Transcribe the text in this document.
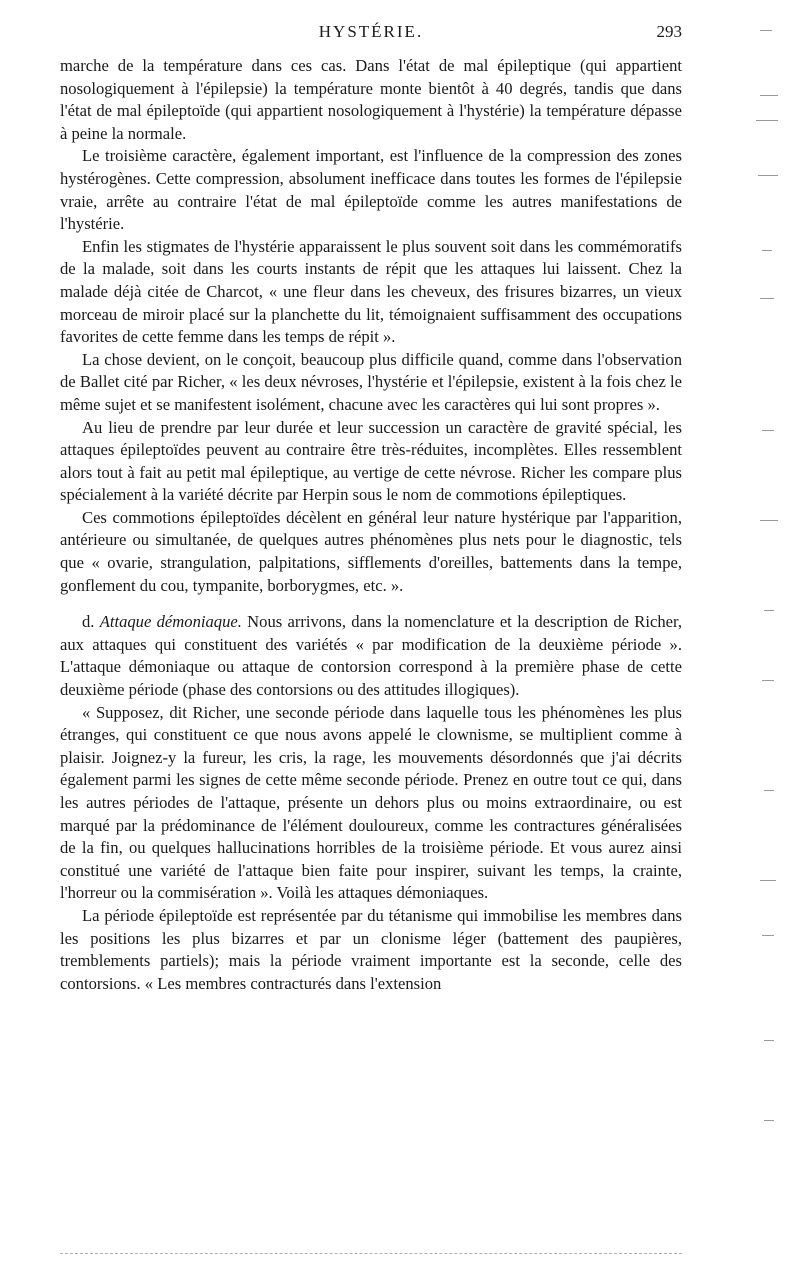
HYSTÉRIE.	293

marche de la température dans ces cas. Dans l'état de mal épileptique (qui appartient nosologiquement à l'épilepsie) la température monte bientôt à 40 degrés, tandis que dans l'état de mal épileptoïde (qui appartient nosologiquement à l'hystérie) la température dépasse à peine la normale.

Le troisième caractère, également important, est l'influence de la compression des zones hystérogènes. Cette compression, absolument inefficace dans toutes les formes de l'épilepsie vraie, arrête au contraire l'état de mal épileptoïde comme les autres manifestations de l'hystérie.

Enfin les stigmates de l'hystérie apparaissent le plus souvent soit dans les commémoratifs de la malade, soit dans les courts instants de répit que les attaques lui laissent. Chez la malade déjà citée de Charcot, « une fleur dans les cheveux, des frisures bizarres, un vieux morceau de miroir placé sur la planchette du lit, témoignaient suffisamment des occupations favorites de cette femme dans les temps de répit ».

La chose devient, on le conçoit, beaucoup plus difficile quand, comme dans l'observation de Ballet cité par Richer, « les deux névroses, l'hystérie et l'épilepsie, existent à la fois chez le même sujet et se manifestent isolément, chacune avec les caractères qui lui sont propres ».

Au lieu de prendre par leur durée et leur succession un caractère de gravité spécial, les attaques épileptoïdes peuvent au contraire être très-réduites, incomplètes. Elles ressemblent alors tout à fait au petit mal épileptique, au vertige de cette névrose. Richer les compare plus spécialement à la variété décrite par Herpin sous le nom de commotions épileptiques.

Ces commotions épileptoïdes décèlent en général leur nature hystérique par l'apparition, antérieure ou simultanée, de quelques autres phénomènes plus nets pour le diagnostic, tels que « ovarie, strangulation, palpitations, sifflements d'oreilles, battements dans la tempe, gonflement du cou, tympanite, borborygmes, etc. ».

d. Attaque démoniaque. Nous arrivons, dans la nomenclature et la description de Richer, aux attaques qui constituent des variétés « par modification de la deuxième période ». L'attaque démoniaque ou attaque de contorsion correspond à la première phase de cette deuxième période (phase des contorsions ou des attitudes illogiques).

« Supposez, dit Richer, une seconde période dans laquelle tous les phénomènes les plus étranges, qui constituent ce que nous avons appelé le clownisme, se multiplient comme à plaisir. Joignez-y la fureur, les cris, la rage, les mouvements désordonnés que j'ai décrits également parmi les signes de cette même seconde période. Prenez en outre tout ce qui, dans les autres périodes de l'attaque, présente un dehors plus ou moins extraordinaire, ou est marqué par la prédominance de l'élément douloureux, comme les contractures généralisées de la fin, ou quelques hallucinations horribles de la troisième période. Et vous aurez ainsi constitué une variété de l'attaque bien faite pour inspirer, suivant les temps, la crainte, l'horreur ou la commisération ». Voilà les attaques démoniaques.

La période épileptoïde est représentée par du tétanisme qui immobilise les membres dans les positions les plus bizarres et par un clonisme léger (battement des paupières, tremblements partiels); mais la période vraiment importante est la seconde, celle des contorsions. « Les membres contracturés dans l'extension
